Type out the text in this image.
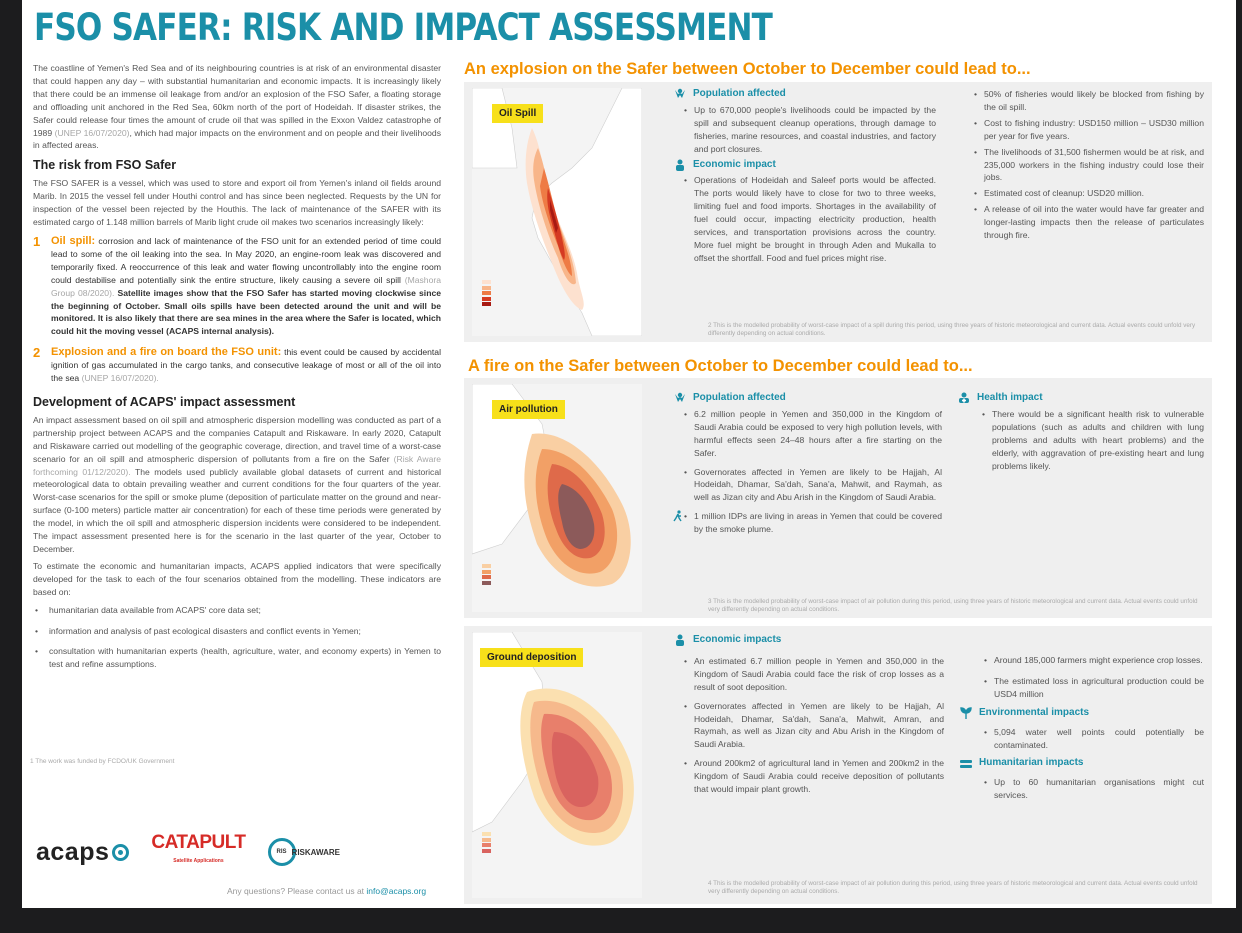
FSO SAFER: RISK AND IMPACT ASSESSMENT

The coastline of Yemen's Red Sea and of its neighbouring countries is at risk of an environmental disaster that could happen any day – with substantial humanitarian and economic impacts. It is increasingly likely that there could be an immense oil leakage from and/or an explosion of the FSO Safer, a floating storage and offloading unit anchored in the Red Sea, 60km north of the port of Hodeidah. If disaster strikes, the Safer could release four times the amount of crude oil that was spilled in the Exxon Valdez catastrophe of 1989 (UNEP 16/07/2020), which had major impacts on the environment and on people and their livelihoods in affected areas.

The risk from FSO Safer

The FSO SAFER is a vessel, which was used to store and export oil from Yemen's inland oil fields around Marib. In 2015 the vessel fell under Houthi control and has since been neglected. Requests by the UN for inspection of the vessel been rejected by the Houthis. The lack of maintenance of the SAFER with its estimated cargo of 1.148 million barrels of Marib light crude oil makes two scenarios increasingly likely:

1 Oil spill: corrosion and lack of maintenance of the FSO unit for an extended period of time could lead to some of the oil leaking into the sea. In May 2020, an engine-room leak was discovered and temporarily fixed. A reoccurrence of this leak and water flowing uncontrollably into the engine room could destabilise and potentially sink the entire structure, likely causing a severe oil spill (Mashora Group 08/2020). Satellite images show that the FSO Safer has started moving clockwise since the beginning of October. Small oils spills have been detected around the unit and will be monitored. It is also likely that there are sea mines in the area where the Safer is located, which could hit the moving vessel (ACAPS internal analysis).
2 Explosion and a fire on board the FSO unit: this event could be caused by accidental ignition of gas accumulated in the cargo tanks, and consecutive leakage of most or all of the oil into the sea (UNEP 16/07/2020).
Development of ACAPS' impact assessment

An impact assessment based on oil spill and atmospheric dispersion modelling was conducted as part of a partnership project between ACAPS and the companies Catapult and Riskaware. In early 2020, Catapult and Riskaware carried out modelling of the geographic coverage, direction, and travel time of a worst-case scenario for an oil spill and atmospheric dispersion of pollutants from a fire on the Safer (Risk Aware forthcoming 01/12/2020). The models used publicly available global datasets of current and historical meteorological data to obtain prevailing weather and current conditions for the four quarters of the year. Worst-case scenarios for the spill or smoke plume (deposition of particulate matter on the ground and near-surface (0-100 meters) particle matter air concentration) for each of these time periods were generated by the model, in which the oil spill and atmospheric dispersion incidents were considered to be independent. The impact assessment presented here is for the scenario in the last quarter of the year, October to December.

To estimate the economic and humanitarian impacts, ACAPS applied indicators that were specifically developed for the task to each of the four scenarios obtained from the modelling. These indicators are based on:

• humanitarian data available from ACAPS' core data set;
• information and analysis of past ecological disasters and conflict events in Yemen;
• consultation with humanitarian experts (health, agriculture, water, and economy experts) in Yemen to test and refine assumptions.
1 The work was funded by FCDO/UK Government
acaps CATAPULT
Satellite Applications
RIS RISKAWARE
Any questions? Please contact us at info@acaps.org
An explosion on the Safer between October to December could lead to...
Oil Spill
Population affected
• Up to 670,000 people's livelihoods could be impacted by the spill and subsequent cleanup operations, through damage to fisheries, marine resources, and coastal industries, and factory and port closures.
Economic impact
• Operations of Hodeidah and Saleef ports would be affected. The ports would likely have to close for two to three weeks, limiting fuel and food imports. Shortages in the availability of fuel could occur, impacting electricity production, health services, and transportation provisions across the country. More fuel might be brought in through Aden and Mukalla to offset the shortfall. Food and fuel prices might rise.
• 50% of fisheries would likely be blocked from fishing by the oil spill.
• Cost to fishing industry: USD150 million – USD30 million per year for five years.
• The livelihoods of 31,500 fishermen would be at risk, and 235,000 workers in the fishing industry could lose their jobs.
• Estimated cost of cleanup: USD20 million.
• A release of oil into the water would have far greater and longer-lasting impacts then the release of particulates through fire.
2 This is the modelled probability of worst-case impact of a spill during this period, using three years of historic meteorological and current data. Actual events could unfold very differently depending on actual conditions.
A fire on the Safer between October to December could lead to...
Air pollution
Population affected
• 6.2 million people in Yemen and 350,000 in the Kingdom of Saudi Arabia could be exposed to very high pollution levels, with harmful effects seen 24–48 hours after a fire starting on the Safer.
• Governorates affected in Yemen are likely to be Hajjah, Al Hodeidah, Dhamar, Sa'dah, Sana'a, Mahwit, and Raymah, as well as Jizan city and Abu Arish in the Kingdom of Saudi Arabia.
• 1 million IDPs are living in areas in Yemen that could be covered by the smoke plume.
Health impact
• There would be a significant health risk to vulnerable populations (such as adults and children with lung problems and adults with heart problems) and the elderly, with aggravation of pre-existing heart and lung problems likely.
3 This is the modelled probability of worst-case impact of air pollution during this period, using three years of historic meteorological and current data. Actual events could unfold very differently depending on actual conditions.
Ground deposition
Economic impacts
• An estimated 6.7 million people in Yemen and 350,000 in the Kingdom of Saudi Arabia could face the risk of crop losses as a result of soot deposition.
• Governorates affected in Yemen are likely to be Hajjah, Al Hodeidah, Dhamar, Sa'dah, Sana'a, Mahwit, Amran, and Raymah, as well as Jizan city and Abu Arish in the Kingdom of Saudi Arabia.
• Around 200km2 of agricultural land in Yemen and 200km2 in the Kingdom of Saudi Arabia could receive deposition of pollutants that would impair plant growth.
• Around 185,000 farmers might experience crop losses.
• The estimated loss in agricultural production could be USD4 million
Environmental impacts
• 5,094 water well points could potentially be contaminated.
Humanitarian impacts
• Up to 60 humanitarian organisations might cut services.
4 This is the modelled probability of worst-case impact of air pollution during this period, using three years of historic meteorological and current data. Actual events could unfold very differently depending on actual conditions.
